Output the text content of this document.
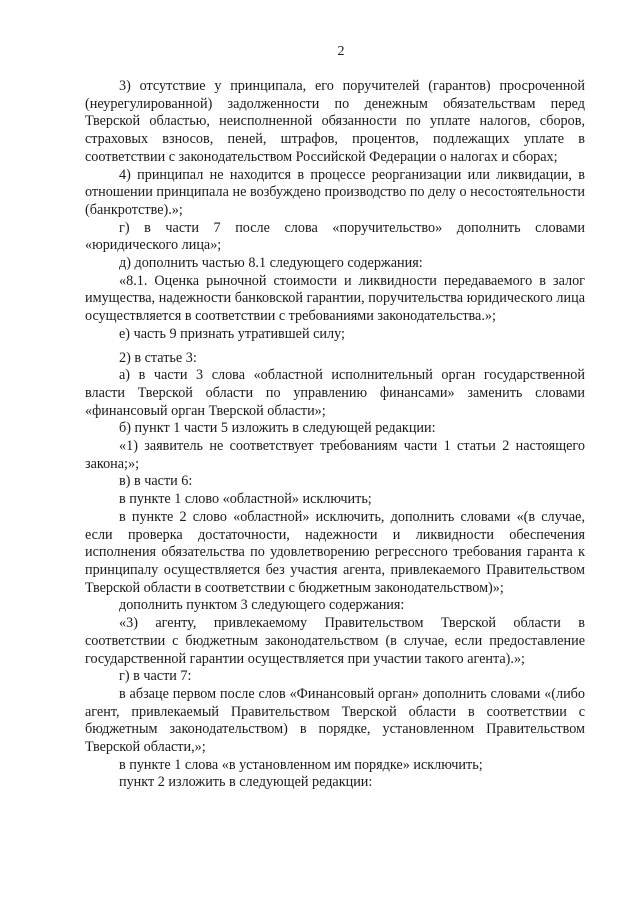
2

3) отсутствие у принципала, его поручителей (гарантов) просроченной (неурегулированной) задолженности по денежным обязательствам перед Тверской областью, неисполненной обязанности по уплате налогов, сборов, страховых взносов, пеней, штрафов, процентов, подлежащих уплате в соответствии с законодательством Российской Федерации о налогах и сборах;

4) принципал не находится в процессе реорганизации или ликвидации, в отношении принципала не возбуждено производство по делу о несостоятельности (банкротстве).»;

г) в части 7 после слова «поручительство» дополнить словами «юридического лица»;

д) дополнить частью 8.1 следующего содержания:

«8.1. Оценка рыночной стоимости и ликвидности передаваемого в залог имущества, надежности банковской гарантии, поручительства юридического лица осуществляется в соответствии с требованиями законодательства.»;

е) часть 9 признать утратившей силу;

2) в статье 3:

а) в части 3 слова «областной исполнительный орган государственной власти Тверской области по управлению финансами» заменить словами «финансовый орган Тверской области»;

б) пункт 1 части 5 изложить в следующей редакции:

«1) заявитель не соответствует требованиям части 1 статьи 2 настоящего закона;»;

в) в части 6:

в пункте 1 слово «областной» исключить;

в пункте 2 слово «областной» исключить, дополнить словами «(в случае, если проверка достаточности, надежности и ликвидности обеспечения исполнения обязательства по удовлетворению регрессного требования гаранта к принципалу осуществляется без участия агента, привлекаемого Правительством Тверской области в соответствии с бюджетным законодательством)»;

дополнить пунктом 3 следующего содержания:

«3) агенту, привлекаемому Правительством Тверской области в соответствии с бюджетным законодательством (в случае, если предоставление государственной гарантии осуществляется при участии такого агента).»;

г) в части 7:

в абзаце первом после слов «Финансовый орган» дополнить словами «(либо агент, привлекаемый Правительством Тверской области в соответствии с бюджетным законодательством) в порядке, установленном Правительством Тверской области,»;

в пункте 1 слова «в установленном им порядке» исключить;

пункт 2 изложить в следующей редакции:
